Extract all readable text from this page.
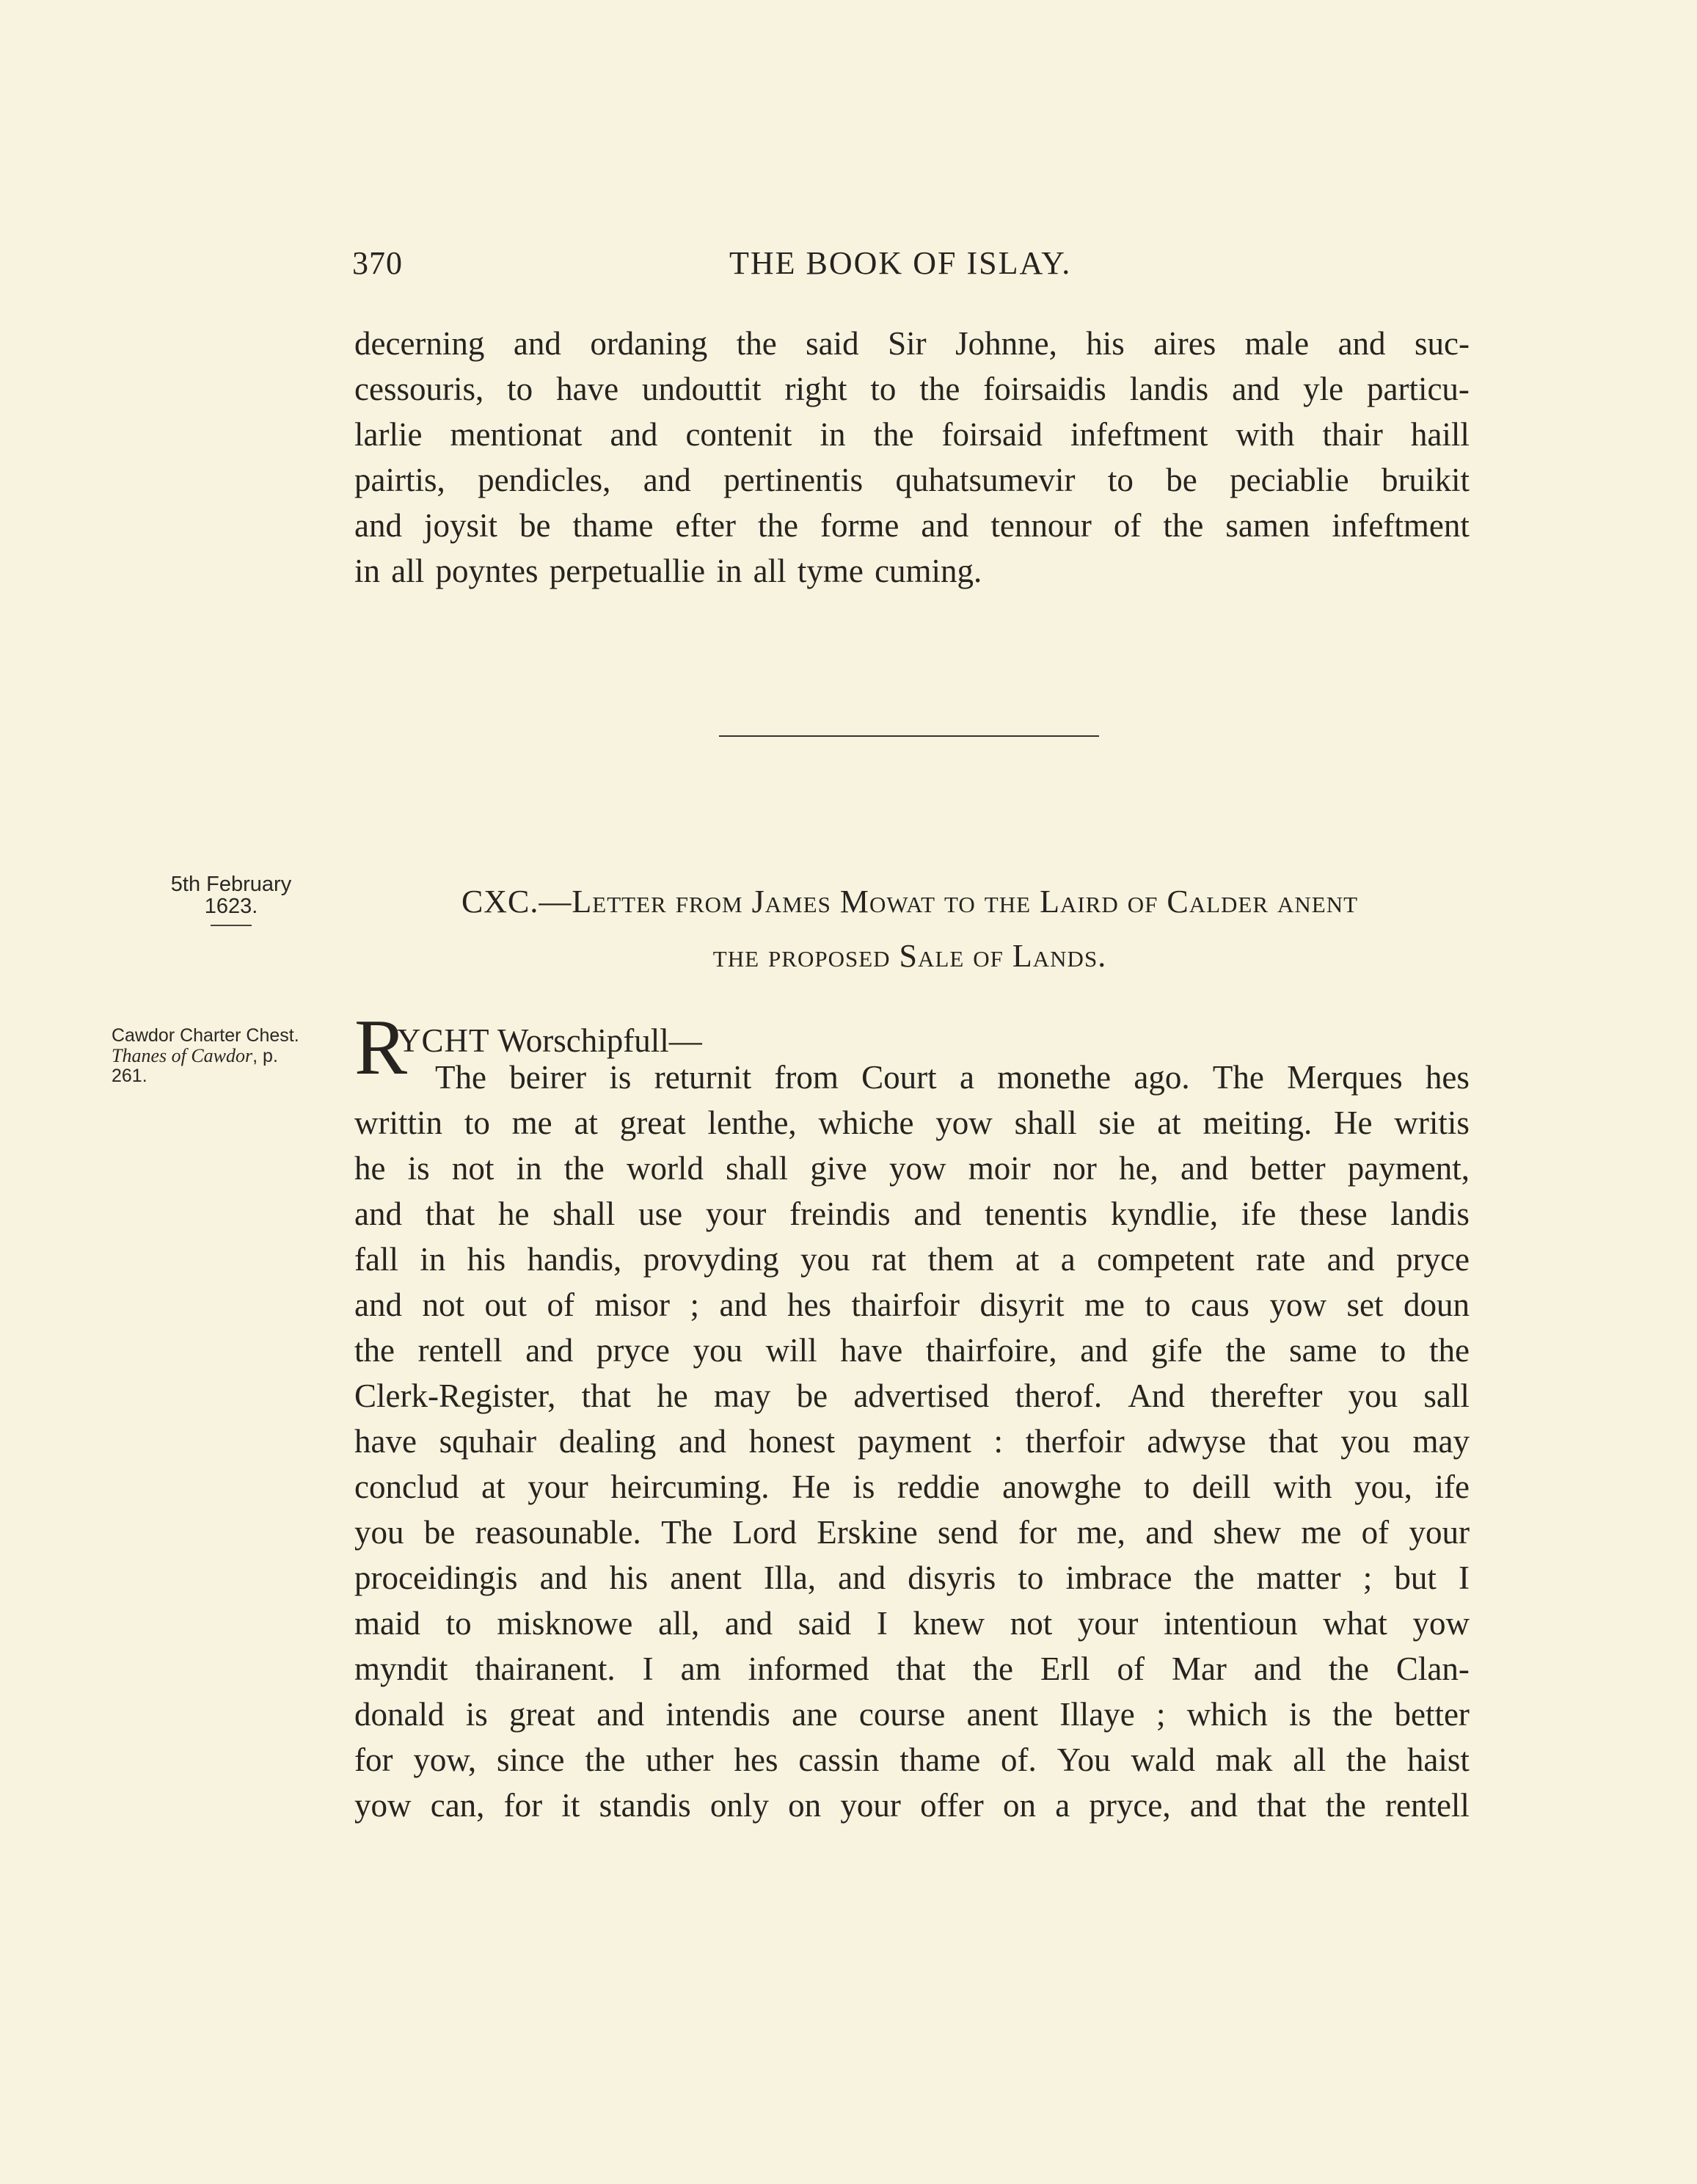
370	THE BOOK OF ISLAY.
decerning and ordaning the said Sir Johnne, his aires male and suc-
cessouris, to have undouttit right to the foirsaidis landis and yle particu-
larlie mentionat and contenit in the foirsaid infeftment with thair haill
pairtis, pendicles, and pertinentis quhatsumevir to be peciablie bruikit
and joysit be thame efter the forme and tennour of the samen infeftment
in all poyntes perpetuallie in all tyme cuming.
5th February
1623.	CXC.—Letter from James Mowat to the Laird of Calder anent
the proposed Sale of Lands.
Cawdor Charter Chest.
Thanes of Cawdor, p.
261.	R
YCHT Worschipfull—
The beirer is returnit from Court a monethe ago. The Merques hes
writtin to me at great lenthe, whiche yow shall sie at meiting. He writis
he is not in the world shall give yow moir nor he, and better payment,
and that he shall use your freindis and tenentis kyndlie, ife these landis
fall in his handis, provyding you rat them at a competent rate and pryce
and not out of misor ; and hes thairfoir disyrit me to caus yow set doun
the rentell and pryce you will have thairfoire, and gife the same to the
Clerk-Register, that he may be advertised therof. And therefter you sall
have squhair dealing and honest payment : therfoir adwyse that you may
conclud at your heircuming. He is reddie anowghe to deill with you, ife
you be reasounable. The Lord Erskine send for me, and shew me of your
proceidingis and his anent Illa, and disyris to imbrace the matter ; but I
maid to misknowe all, and said I knew not your intentioun what yow
myndit thairanent. I am informed that the Erll of Mar and the Clan-
donald is great and intendis ane course anent Illaye ; which is the better
for yow, since the uther hes cassin thame of. You wald mak all the haist
yow can, for it standis only on your offer on a pryce, and that the rentell
